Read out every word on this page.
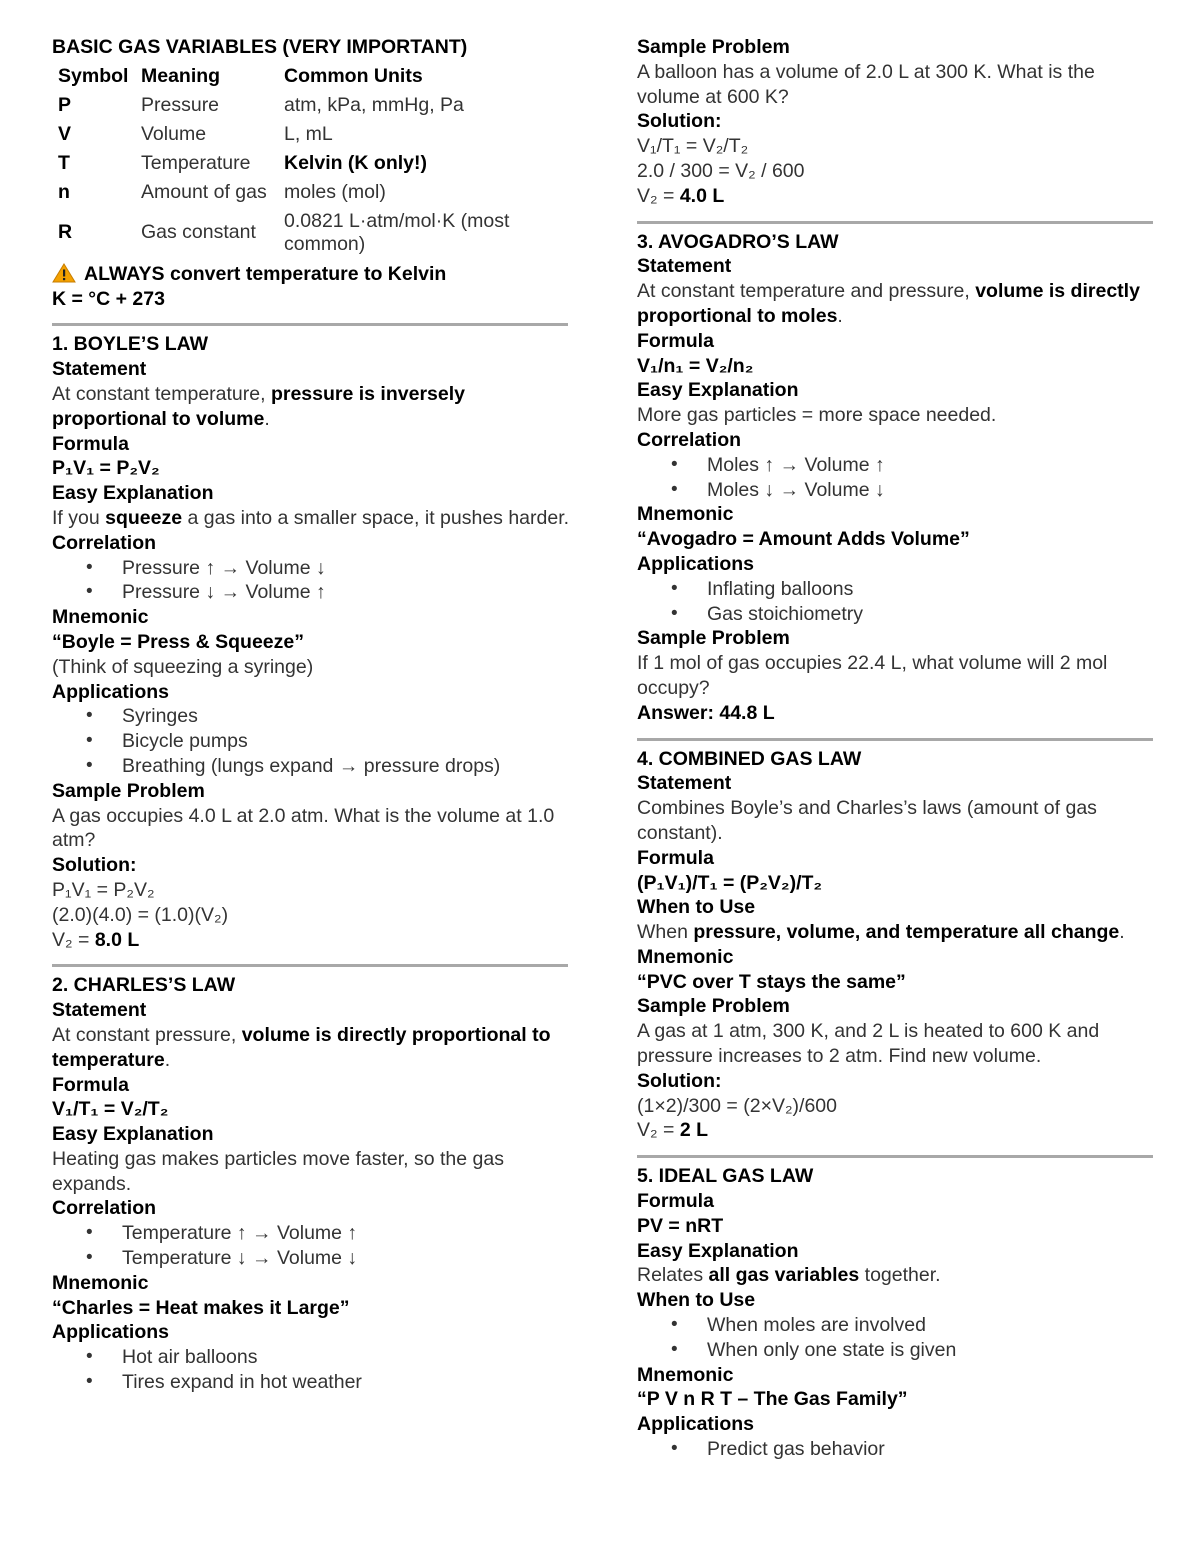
BASIC GAS VARIABLES (VERY IMPORTANT)

Symbol	Meaning	Common Units
P	Pressure	atm, kPa, mmHg, Pa
V	Volume	L, mL
T	Temperature	Kelvin (K only!)
n	Amount of gas	moles (mol)
R	Gas constant	0.0821 L·atm/mol·K (most common)

ALWAYS convert temperature to Kelvin

K = °C + 273

1. BOYLE’S LAW

Statement

At constant temperature, pressure is inversely proportional to volume.

Formula

P₁V₁ = P₂V₂

Easy Explanation

If you squeeze a gas into a smaller space, it pushes harder.

Correlation

• Pressure ↑ → Volume ↓
• Pressure ↓ → Volume ↑

Mnemonic

“Boyle = Press & Squeeze”

(Think of squeezing a syringe)

Applications

• Syringes
• Bicycle pumps
• Breathing (lungs expand → pressure drops)

Sample Problem

A gas occupies 4.0 L at 2.0 atm. What is the volume at 1.0 atm?

Solution:

P₁V₁ = P₂V₂

(2.0)(4.0) = (1.0)(V₂)

V₂ = 8.0 L

2. CHARLES’S LAW

Statement

At constant pressure, volume is directly proportional to temperature.

Formula

V₁/T₁ = V₂/T₂

Easy Explanation

Heating gas makes particles move faster, so the gas expands.

Correlation

• Temperature ↑ → Volume ↑
• Temperature ↓ → Volume ↓

Mnemonic

“Charles = Heat makes it Large”

Applications

• Hot air balloons
• Tires expand in hot weather

Sample Problem

A balloon has a volume of 2.0 L at 300 K. What is the volume at 600 K?

Solution:

V₁/T₁ = V₂/T₂

2.0 / 300 = V₂ / 600

V₂ = 4.0 L

3. AVOGADRO’S LAW

Statement

At constant temperature and pressure, volume is directly proportional to moles.

Formula

V₁/n₁ = V₂/n₂

Easy Explanation

More gas particles = more space needed.

Correlation

• Moles ↑ → Volume ↑
• Moles ↓ → Volume ↓

Mnemonic

“Avogadro = Amount Adds Volume”

Applications

• Inflating balloons
• Gas stoichiometry

Sample Problem

If 1 mol of gas occupies 22.4 L, what volume will 2 mol occupy?

Answer: 44.8 L

4. COMBINED GAS LAW

Statement

Combines Boyle’s and Charles’s laws (amount of gas constant).

Formula

(P₁V₁)/T₁ = (P₂V₂)/T₂

When to Use

When pressure, volume, and temperature all change.

Mnemonic

“PVC over T stays the same”

Sample Problem

A gas at 1 atm, 300 K, and 2 L is heated to 600 K and pressure increases to 2 atm. Find new volume.

Solution:

(1×2)/300 = (2×V₂)/600

V₂ = 2 L

5. IDEAL GAS LAW

Formula

PV = nRT

Easy Explanation

Relates all gas variables together.

When to Use

• When moles are involved
• When only one state is given

Mnemonic

“P V n R T – The Gas Family”

Applications

• Predict gas behavior
